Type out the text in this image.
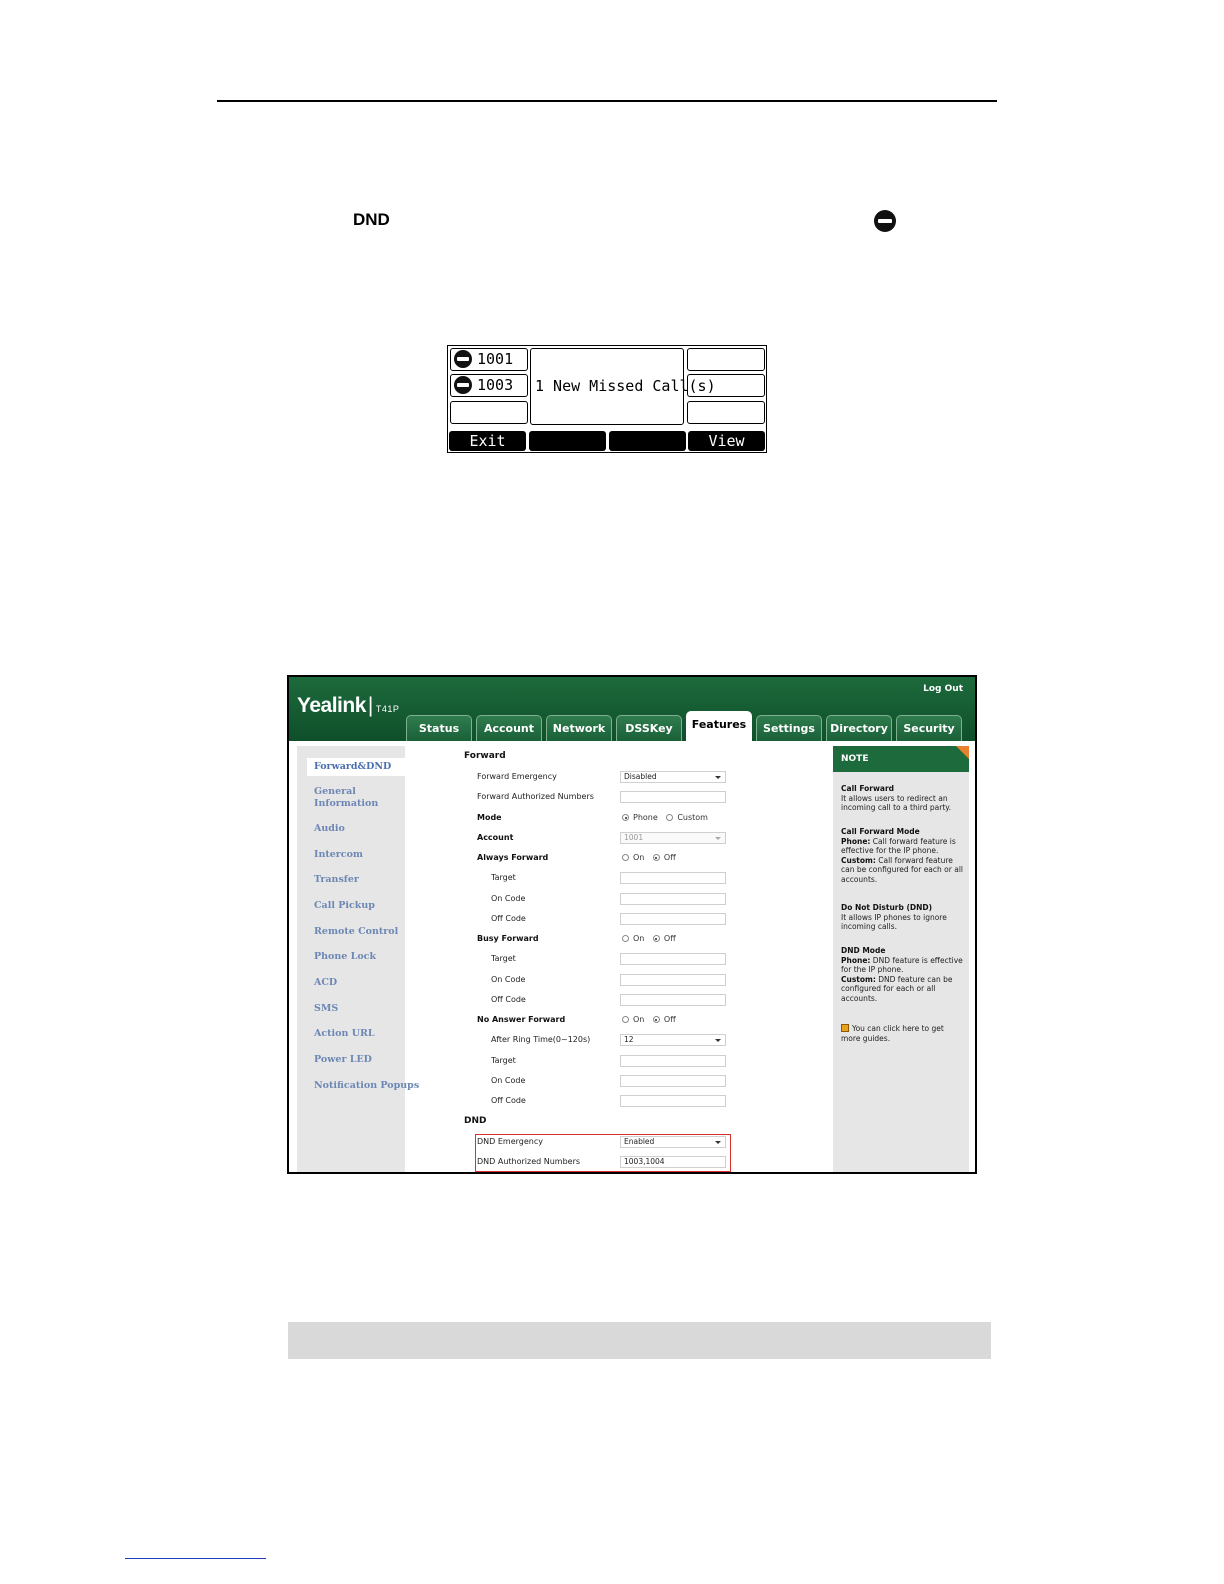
DND
1001
1003 1 New Missed Call(s)
Exit	View
Yealink| T41P
Log Out
Status	Account	Network	DSSKey	Features	Settings	Directory	Security
Forward&DND
General Information
Audio
Intercom
Transfer
Call Pickup
Remote Control
Phone Lock
ACD
SMS
Action URL
Power LED
Notification Popups
Forward
Forward Emergency	Disabled
Forward Authorized Numbers
Mode	Phone Custom
Account	1001
Always Forward	On Off
Target
On Code
Off Code
Busy Forward	On Off
Target
On Code
Off Code
No Answer Forward	On Off
After Ring Time(0~120s)	12
Target
On Code
Off Code
DND
DND Emergency	Enabled
DND Authorized Numbers	1003,1004
NOTE
Call Forward
It allows users to redirect an incoming call to a third party.
Call Forward Mode
Phone: Call forward feature is effective for the IP phone.
Custom: Call forward feature can be configured for each or all accounts.
Do Not Disturb (DND)
It allows IP phones to ignore incoming calls.
DND Mode
Phone: DND feature is effective for the IP phone.
Custom: DND feature can be configured for each or all accounts.
You can click here to get more guides.
